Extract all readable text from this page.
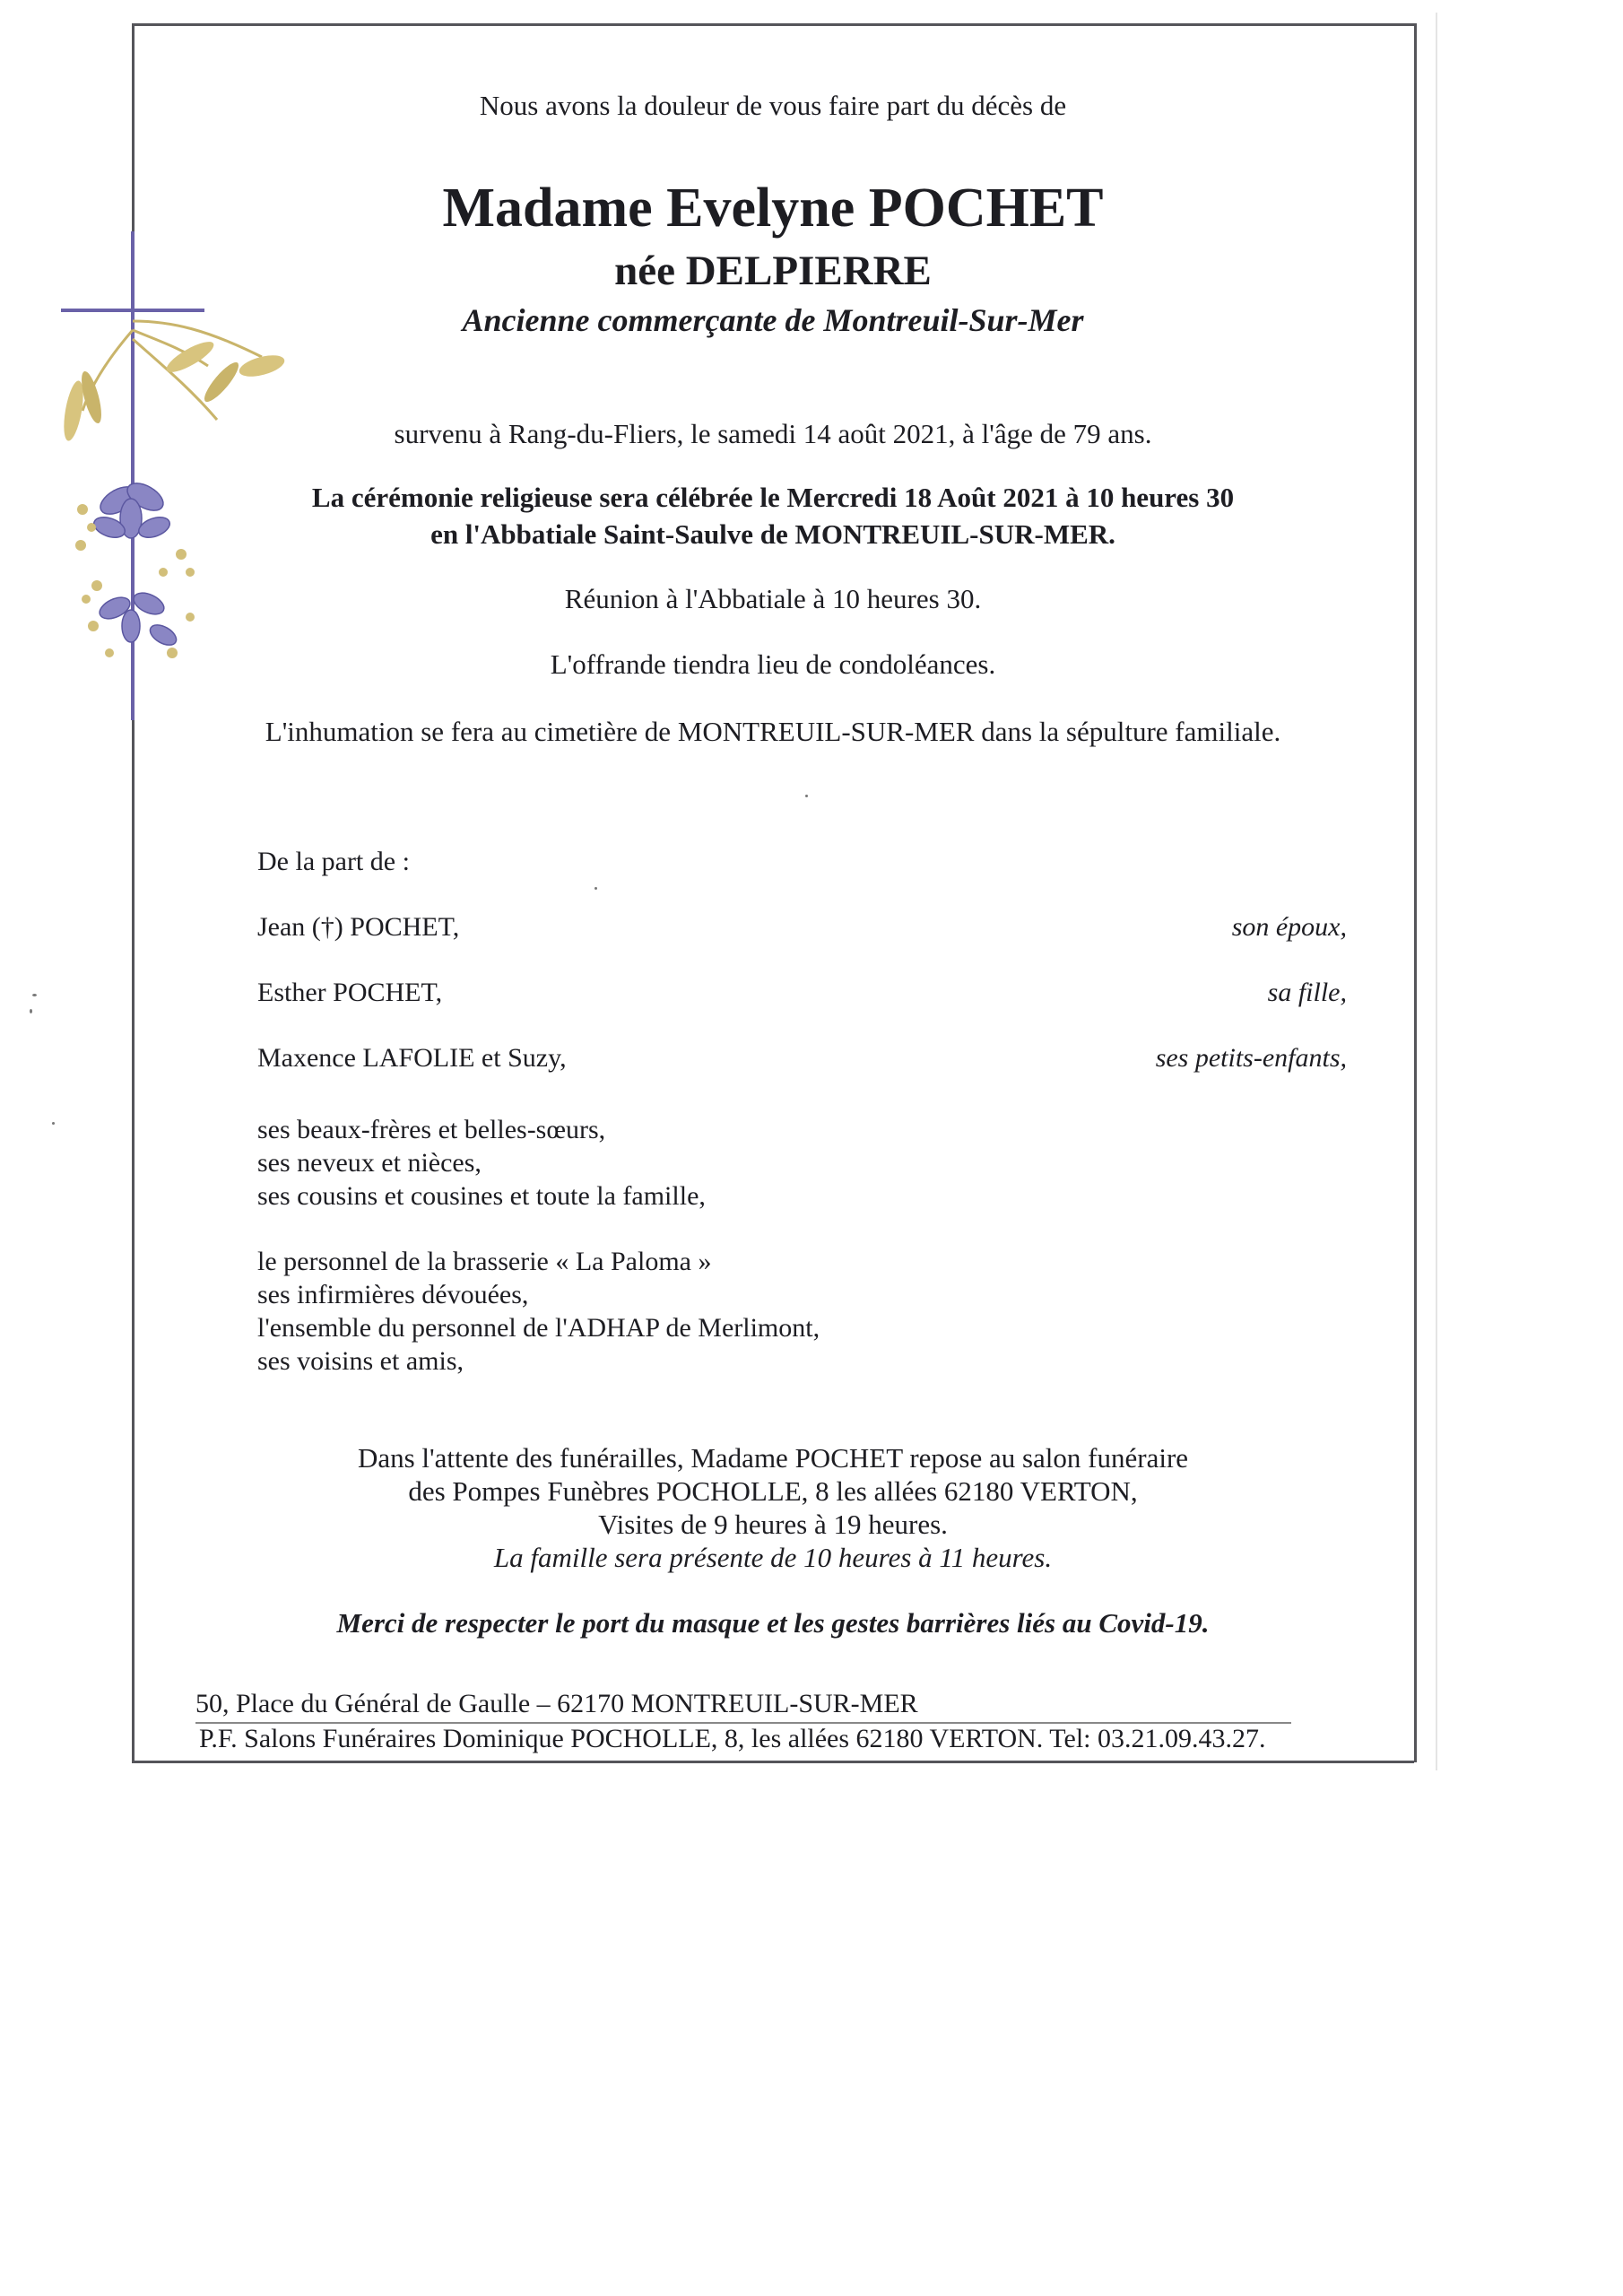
Nous avons la douleur de vous faire part du décès de
Madame Evelyne POCHET
née DELPIERRE
Ancienne commerçante de Montreuil-Sur-Mer
survenu à Rang-du-Fliers, le samedi 14 août 2021, à l'âge de 79 ans.
La cérémonie religieuse sera célébrée le Mercredi 18 Août 2021 à 10 heures 30
en l'Abbatiale Saint-Saulve de MONTREUIL-SUR-MER.
Réunion à l'Abbatiale à 10 heures 30.
L'offrande tiendra lieu de condoléances.
L'inhumation se fera au cimetière de MONTREUIL-SUR-MER dans la sépulture familiale.
De la part de :
Jean (†) POCHET,	son époux,
Esther POCHET,	sa fille,
Maxence LAFOLIE et Suzy,	ses petits-enfants,
ses beaux-frères et belles-sœurs,
ses neveux et nièces,
ses cousins et cousines et toute la famille,
le personnel de la brasserie « La Paloma »
ses infirmières dévouées,
l'ensemble du personnel de l'ADHAP de Merlimont,
ses voisins et amis,
Dans l'attente des funérailles, Madame POCHET repose au salon funéraire
des Pompes Funèbres POCHOLLE, 8 les allées 62180 VERTON,
Visites de 9 heures à 19 heures.
La famille sera présente de 10 heures à 11 heures.
Merci de respecter le port du masque et les gestes barrières liés au Covid-19.
50, Place du Général de Gaulle – 62170 MONTREUIL-SUR-MER
P.F. Salons Funéraires Dominique POCHOLLE, 8, les allées 62180 VERTON. Tel: 03.21.09.43.27.
